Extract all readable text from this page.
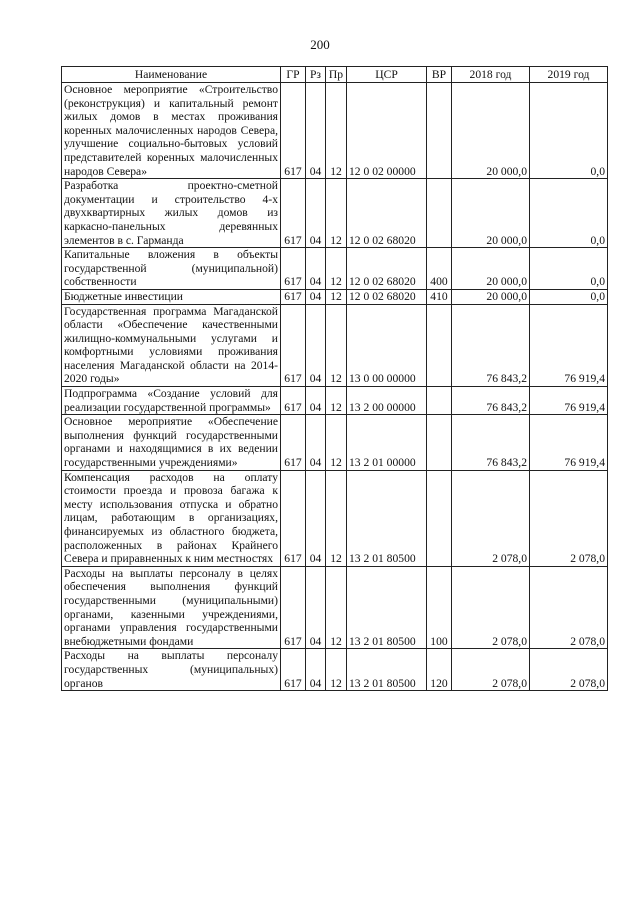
200
Наименование	ГР	Рз	Пр	ЦСР	ВР	2018 год	2019 год

Основное мероприятие «Строительство (реконструкция) и капитальный ремонт жилых домов в местах проживания коренных малочисленных народов Севера, улучшение социально-бытовых условий представителей коренных малочисленных народов Севера»	617	04	12	12 0 02 00000		20 000,0	0,0

Разработка проектно-сметной документации и строительство 4-х двухквартирных жилых домов из каркасно-панельных деревянных элементов в с. Гарманда	617	04	12	12 0 02 68020		20 000,0	0,0

Капитальные вложения в объекты государственной (муниципальной) собственности	617	04	12	12 0 02 68020	400	20 000,0	0,0

Бюджетные инвестиции	617	04	12	12 0 02 68020	410	20 000,0	0,0

Государственная программа Магаданской области «Обеспечение качественными жилищно-коммунальными услугами и комфортными условиями проживания населения Магаданской области на 2014-2020 годы»	617	04	12	13 0 00 00000		76 843,2	76 919,4

Подпрограмма «Создание условий для реализации государственной программы»	617	04	12	13 2 00 00000		76 843,2	76 919,4

Основное мероприятие «Обеспечение выполнения функций государственными органами и находящимися в их ведении государственными учреждениями»	617	04	12	13 2 01 00000		76 843,2	76 919,4

Компенсация расходов на оплату стоимости проезда и провоза багажа к месту использования отпуска и обратно лицам, работающим в организациях, финансируемых из областного бюджета, расположенных в районах Крайнего Севера и приравненных к ним местностях	617	04	12	13 2 01 80500		2 078,0	2 078,0

Расходы на выплаты персоналу в целях обеспечения выполнения функций государственными (муниципальными) органами, казенными учреждениями, органами управления государственными внебюджетными фондами	617	04	12	13 2 01 80500	100	2 078,0	2 078,0

Расходы на выплаты персоналу государственных (муниципальных) органов	617	04	12	13 2 01 80500	120	2 078,0	2 078,0
